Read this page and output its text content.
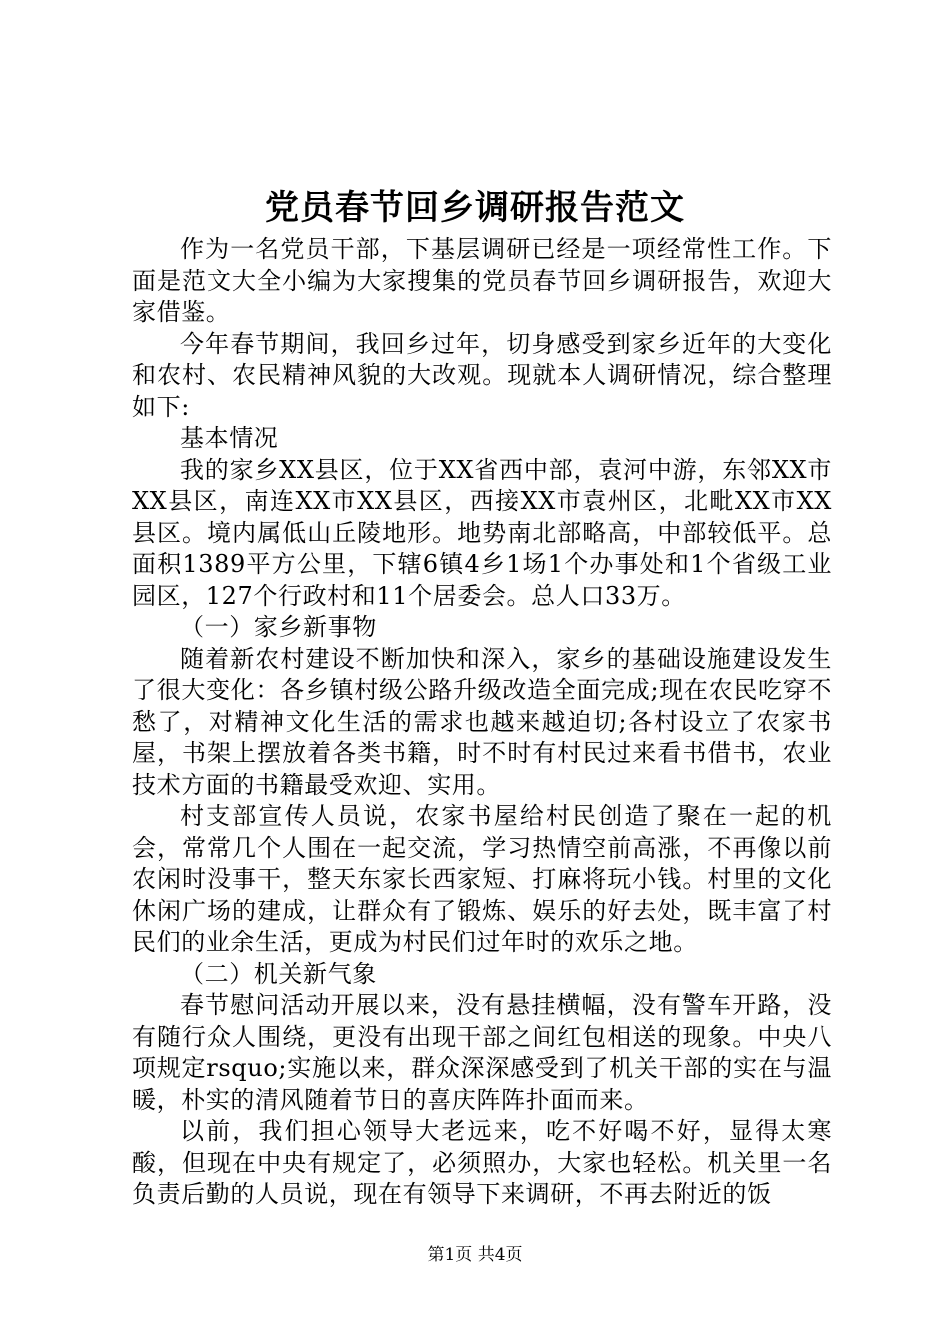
党员春节回乡调研报告范文

作为一名党员干部，下基层调研已经是一项经常性工作。下面是范文大全小编为大家搜集的党员春节回乡调研报告，欢迎大家借鉴。

今年春节期间，我回乡过年，切身感受到家乡近年的大变化和农村、农民精神风貌的大改观。现就本人调研情况，综合整理如下:

基本情况

我的家乡XX县区，位于XX省西中部，袁河中游，东邻XX市XX县区，南连XX市XX县区，西接XX市袁州区，北毗XX市XX县区。境内属低山丘陵地形。地势南北部略高，中部较低平。总面积1389平方公里，下辖6镇4乡1场1个办事处和1个省级工业园区，127个行政村和11个居委会。总人口33万。

（一）家乡新事物

随着新农村建设不断加快和深入，家乡的基础设施建设发生了很大变化：各乡镇村级公路升级改造全面完成;现在农民吃穿不愁了，对精神文化生活的需求也越来越迫切;各村设立了农家书屋，书架上摆放着各类书籍，时不时有村民过来看书借书，农业技术方面的书籍最受欢迎、实用。

村支部宣传人员说，农家书屋给村民创造了聚在一起的机会，常常几个人围在一起交流，学习热情空前高涨，不再像以前农闲时没事干，整天东家长西家短、打麻将玩小钱。村里的文化休闲广场的建成，让群众有了锻炼、娱乐的好去处，既丰富了村民们的业余生活，更成为村民们过年时的欢乐之地。

（二）机关新气象

春节慰问活动开展以来，没有悬挂横幅，没有警车开路，没有随行众人围绕，更没有出现干部之间红包相送的现象。中央八项规定rsquo;实施以来，群众深深感受到了机关干部的实在与温暖，朴实的清风随着节日的喜庆阵阵扑面而来。

以前，我们担心领导大老远来，吃不好喝不好，显得太寒酸，但现在中央有规定了，必须照办，大家也轻松。机关里一名负责后勤的人员说，现在有领导下来调研，不再去附近的饭

第1页 共4页
